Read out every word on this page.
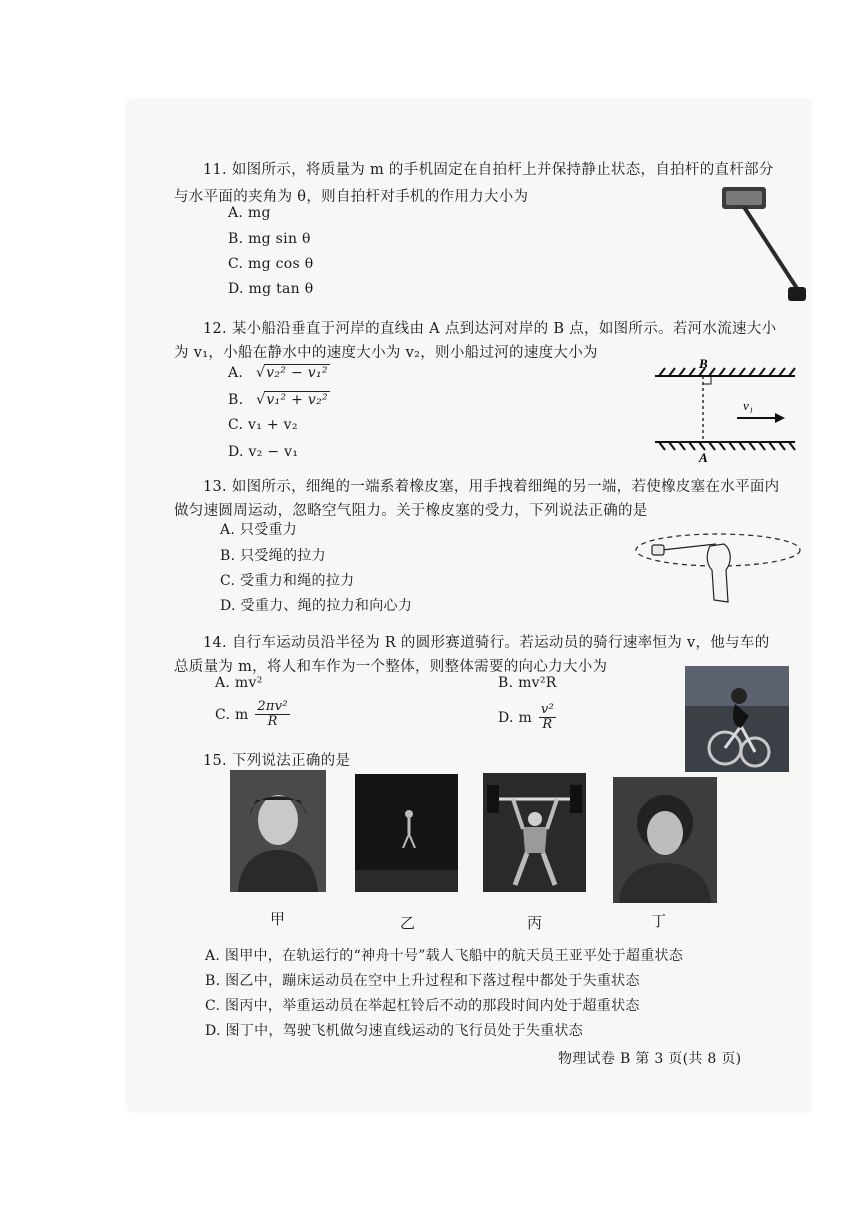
11. 如图所示，将质量为 m 的手机固定在自拍杆上并保持静止状态，自拍杆的直杆部分
与水平面的夹角为 θ，则自拍杆对手机的作用力大小为
A. mg
B. mg sin θ
C. mg cos θ
D. mg tan θ
12. 某小船沿垂直于河岸的直线由 A 点到达河对岸的 B 点，如图所示。若河水流速大小
为 v₁，小船在静水中的速度大小为 v₂，则小船过河的速度大小为
A. √v₂² − v₁²
B. √v₁² + v₂²
C. v₁ + v₂
D. v₂ − v₁
B
A
v₁
13. 如图所示，细绳的一端系着橡皮塞，用手拽着细绳的另一端，若使橡皮塞在水平面内
做匀速圆周运动，忽略空气阻力。关于橡皮塞的受力，下列说法正确的是
A. 只受重力
B. 只受绳的拉力
C. 受重力和绳的拉力
D. 受重力、绳的拉力和向心力
14. 自行车运动员沿半径为 R 的圆形赛道骑行。若运动员的骑行速率恒为 v，他与车的
总质量为 m，将人和车作为一个整体，则整体需要的向心力大小为
A. mv²	B. mv²R
C. m $\frac{\text{2πv²}}{R}$	D. m $\frac{\text{v²}}{R}$
15. 下列说法正确的是
甲	乙	丙	丁
A. 图甲中，在轨运行的“神舟十号”载人飞船中的航天员王亚平处于超重状态
B. 图乙中，蹦床运动员在空中上升过程和下落过程中都处于失重状态
C. 图丙中，举重运动员在举起杠铃后不动的那段时间内处于超重状态
D. 图丁中，驾驶飞机做匀速直线运动的飞行员处于失重状态
物理试卷 B 第 3 页(共 8 页)
